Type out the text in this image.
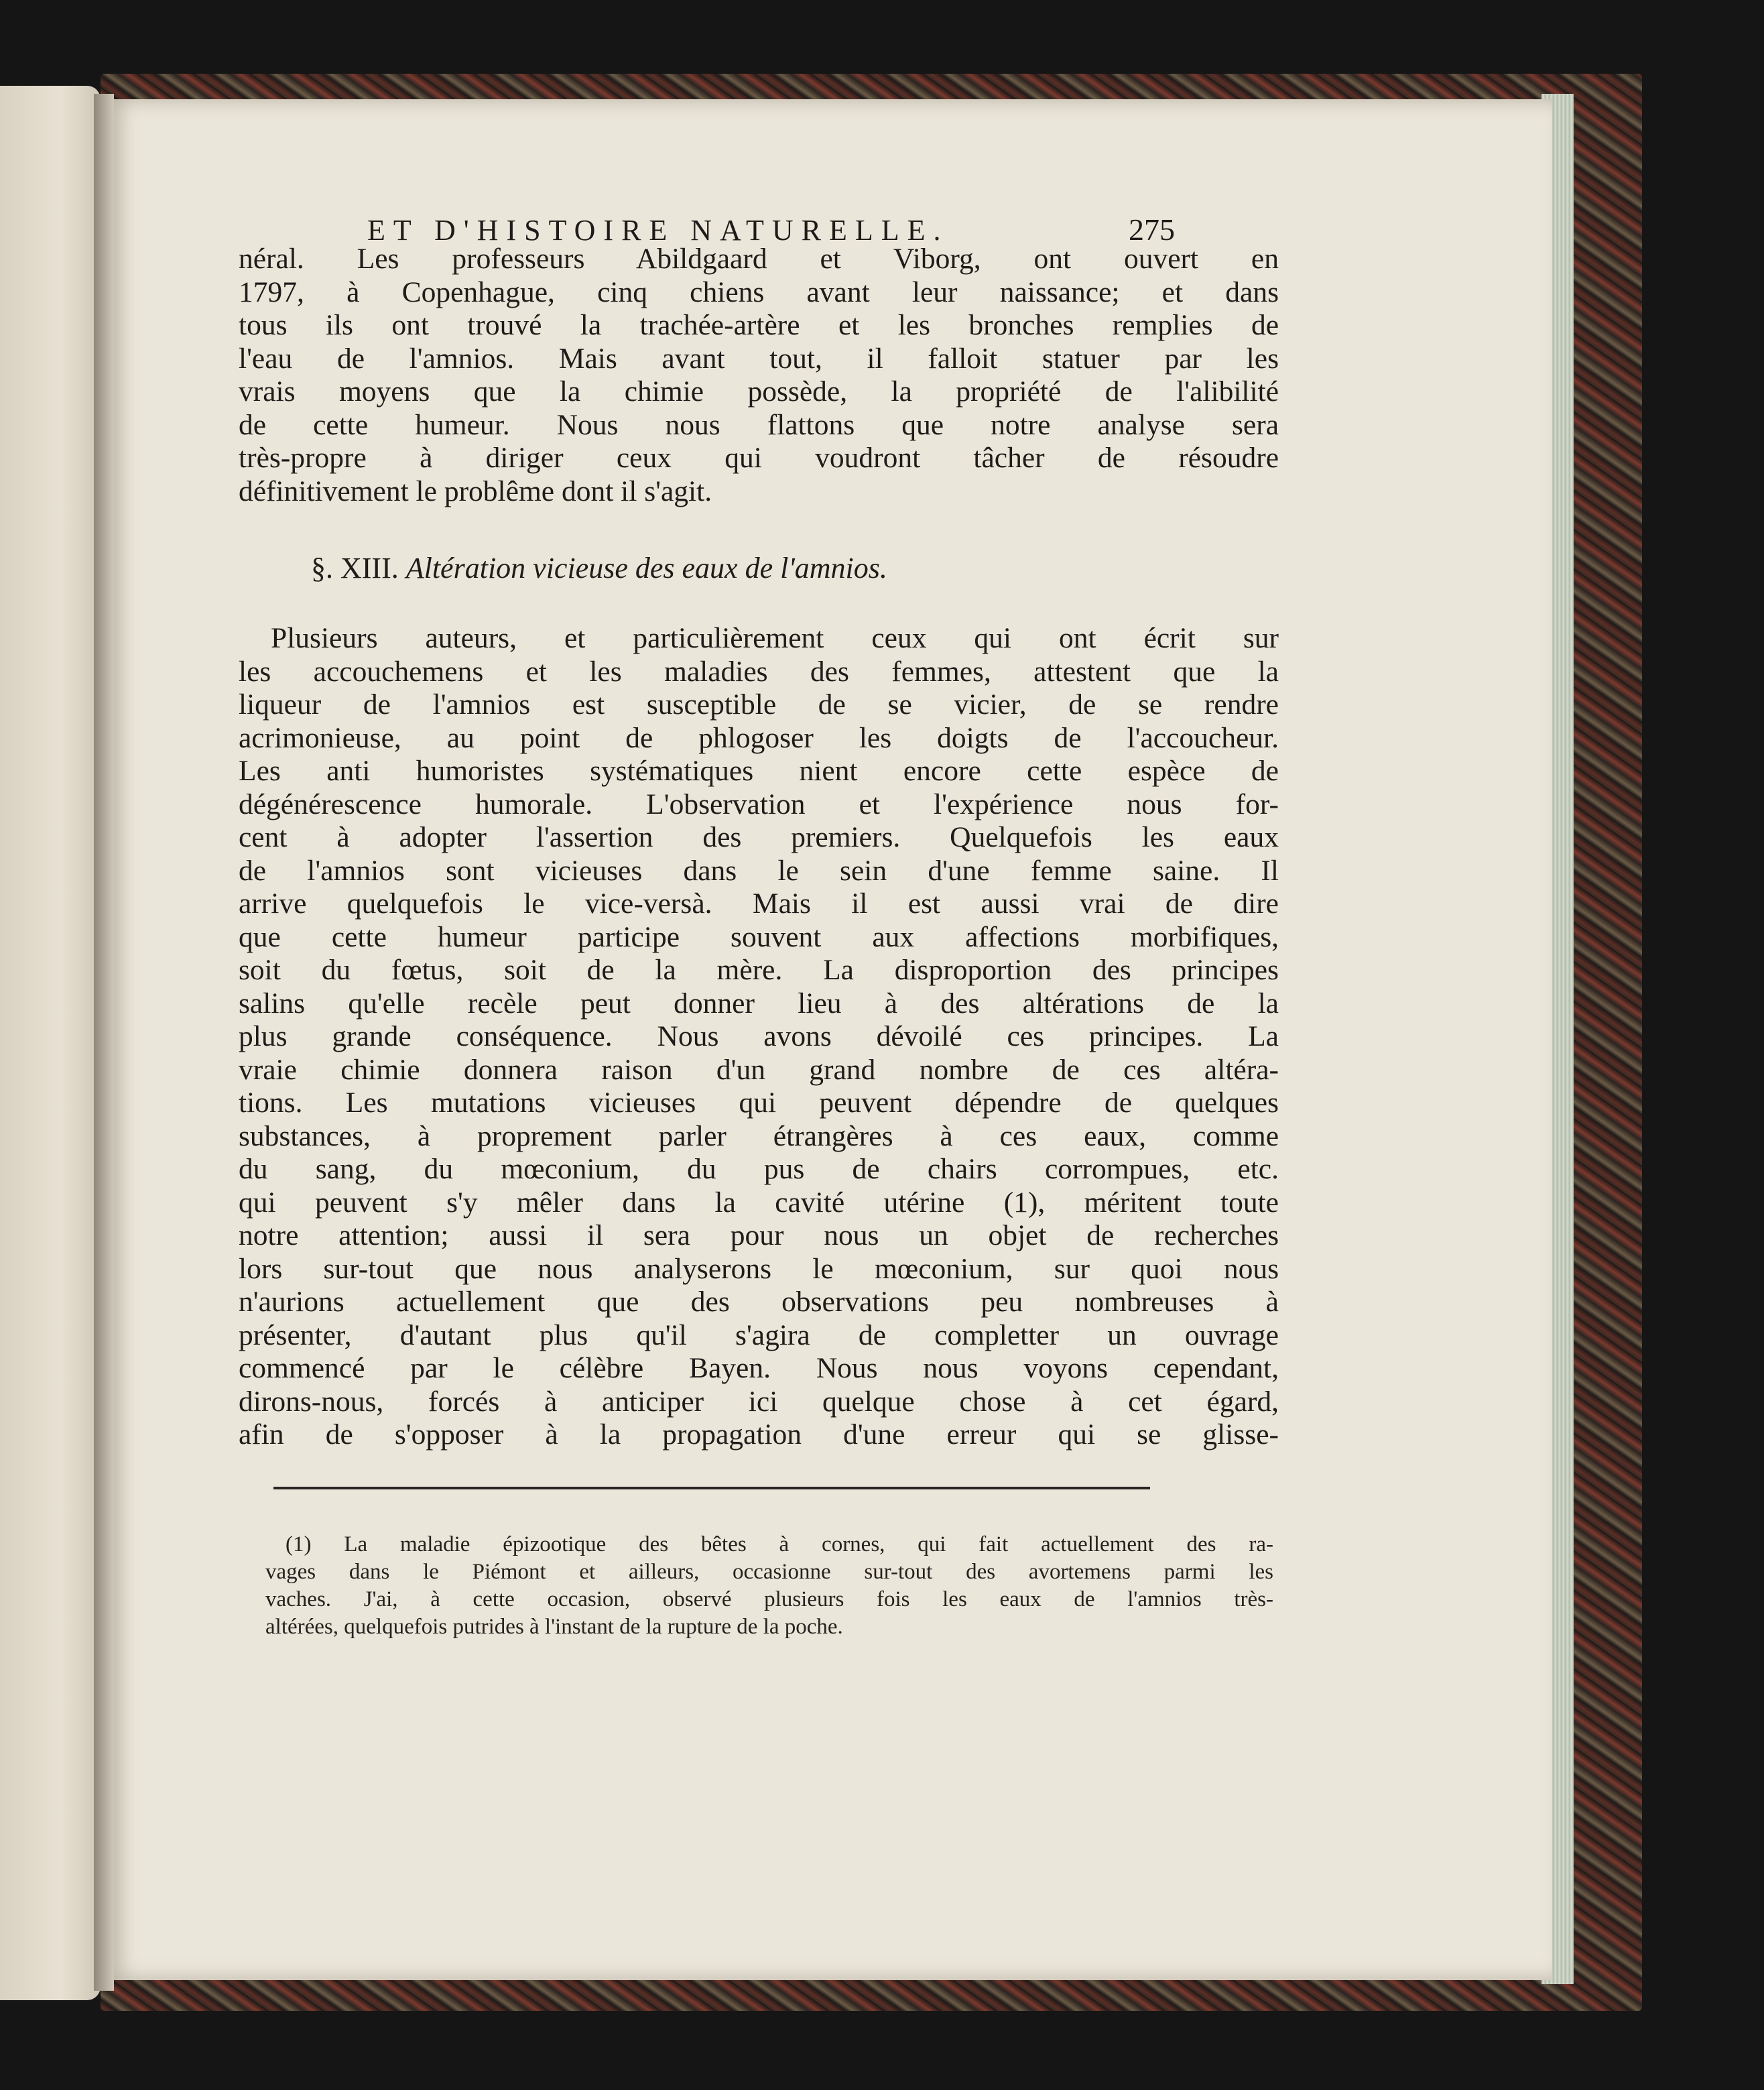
ET D'HISTOIRE NATURELLE.	275
néral. Les professeurs Abildgaard et Viborg, ont ouvert en
1797, à Copenhague, cinq chiens avant leur naissance; et dans
tous ils ont trouvé la trachée-artère et les bronches remplies de
l'eau de l'amnios. Mais avant tout, il falloit statuer par les
vrais moyens que la chimie possède, la propriété de l'alibilité
de cette humeur. Nous nous flattons que notre analyse sera
très-propre à diriger ceux qui voudront tâcher de résoudre
définitivement le problême dont il s'agit.
§. XIII. Altération vicieuse des eaux de l'amnios.
Plusieurs auteurs, et particulièrement ceux qui ont écrit sur
les accouchemens et les maladies des femmes, attestent que la
liqueur de l'amnios est susceptible de se vicier, de se rendre
acrimonieuse, au point de phlogoser les doigts de l'accoucheur.
Les anti humoristes systématiques nient encore cette espèce de
dégénérescence humorale. L'observation et l'expérience nous for-
cent à adopter l'assertion des premiers. Quelquefois les eaux
de l'amnios sont vicieuses dans le sein d'une femme saine. Il
arrive quelquefois le vice-versà. Mais il est aussi vrai de dire
que cette humeur participe souvent aux affections morbifiques,
soit du fœtus, soit de la mère. La disproportion des principes
salins qu'elle recèle peut donner lieu à des altérations de la
plus grande conséquence. Nous avons dévoilé ces principes. La
vraie chimie donnera raison d'un grand nombre de ces altéra-
tions. Les mutations vicieuses qui peuvent dépendre de quelques
substances, à proprement parler étrangères à ces eaux, comme
du sang, du mœconium, du pus de chairs corrompues, etc.
qui peuvent s'y mêler dans la cavité utérine (1), méritent toute
notre attention; aussi il sera pour nous un objet de recherches
lors sur-tout que nous analyserons le mœconium, sur quoi nous
n'aurions actuellement que des observations peu nombreuses à
présenter, d'autant plus qu'il s'agira de completter un ouvrage
commencé par le célèbre Bayen. Nous nous voyons cependant,
dirons-nous, forcés à anticiper ici quelque chose à cet égard,
afin de s'opposer à la propagation d'une erreur qui se glisse-
(1) La maladie épizootique des bêtes à cornes, qui fait actuellement des ra-
vages dans le Piémont et ailleurs, occasionne sur-tout des avortemens parmi les
vaches. J'ai, à cette occasion, observé plusieurs fois les eaux de l'amnios très-
altérées, quelquefois putrides à l'instant de la rupture de la poche.
